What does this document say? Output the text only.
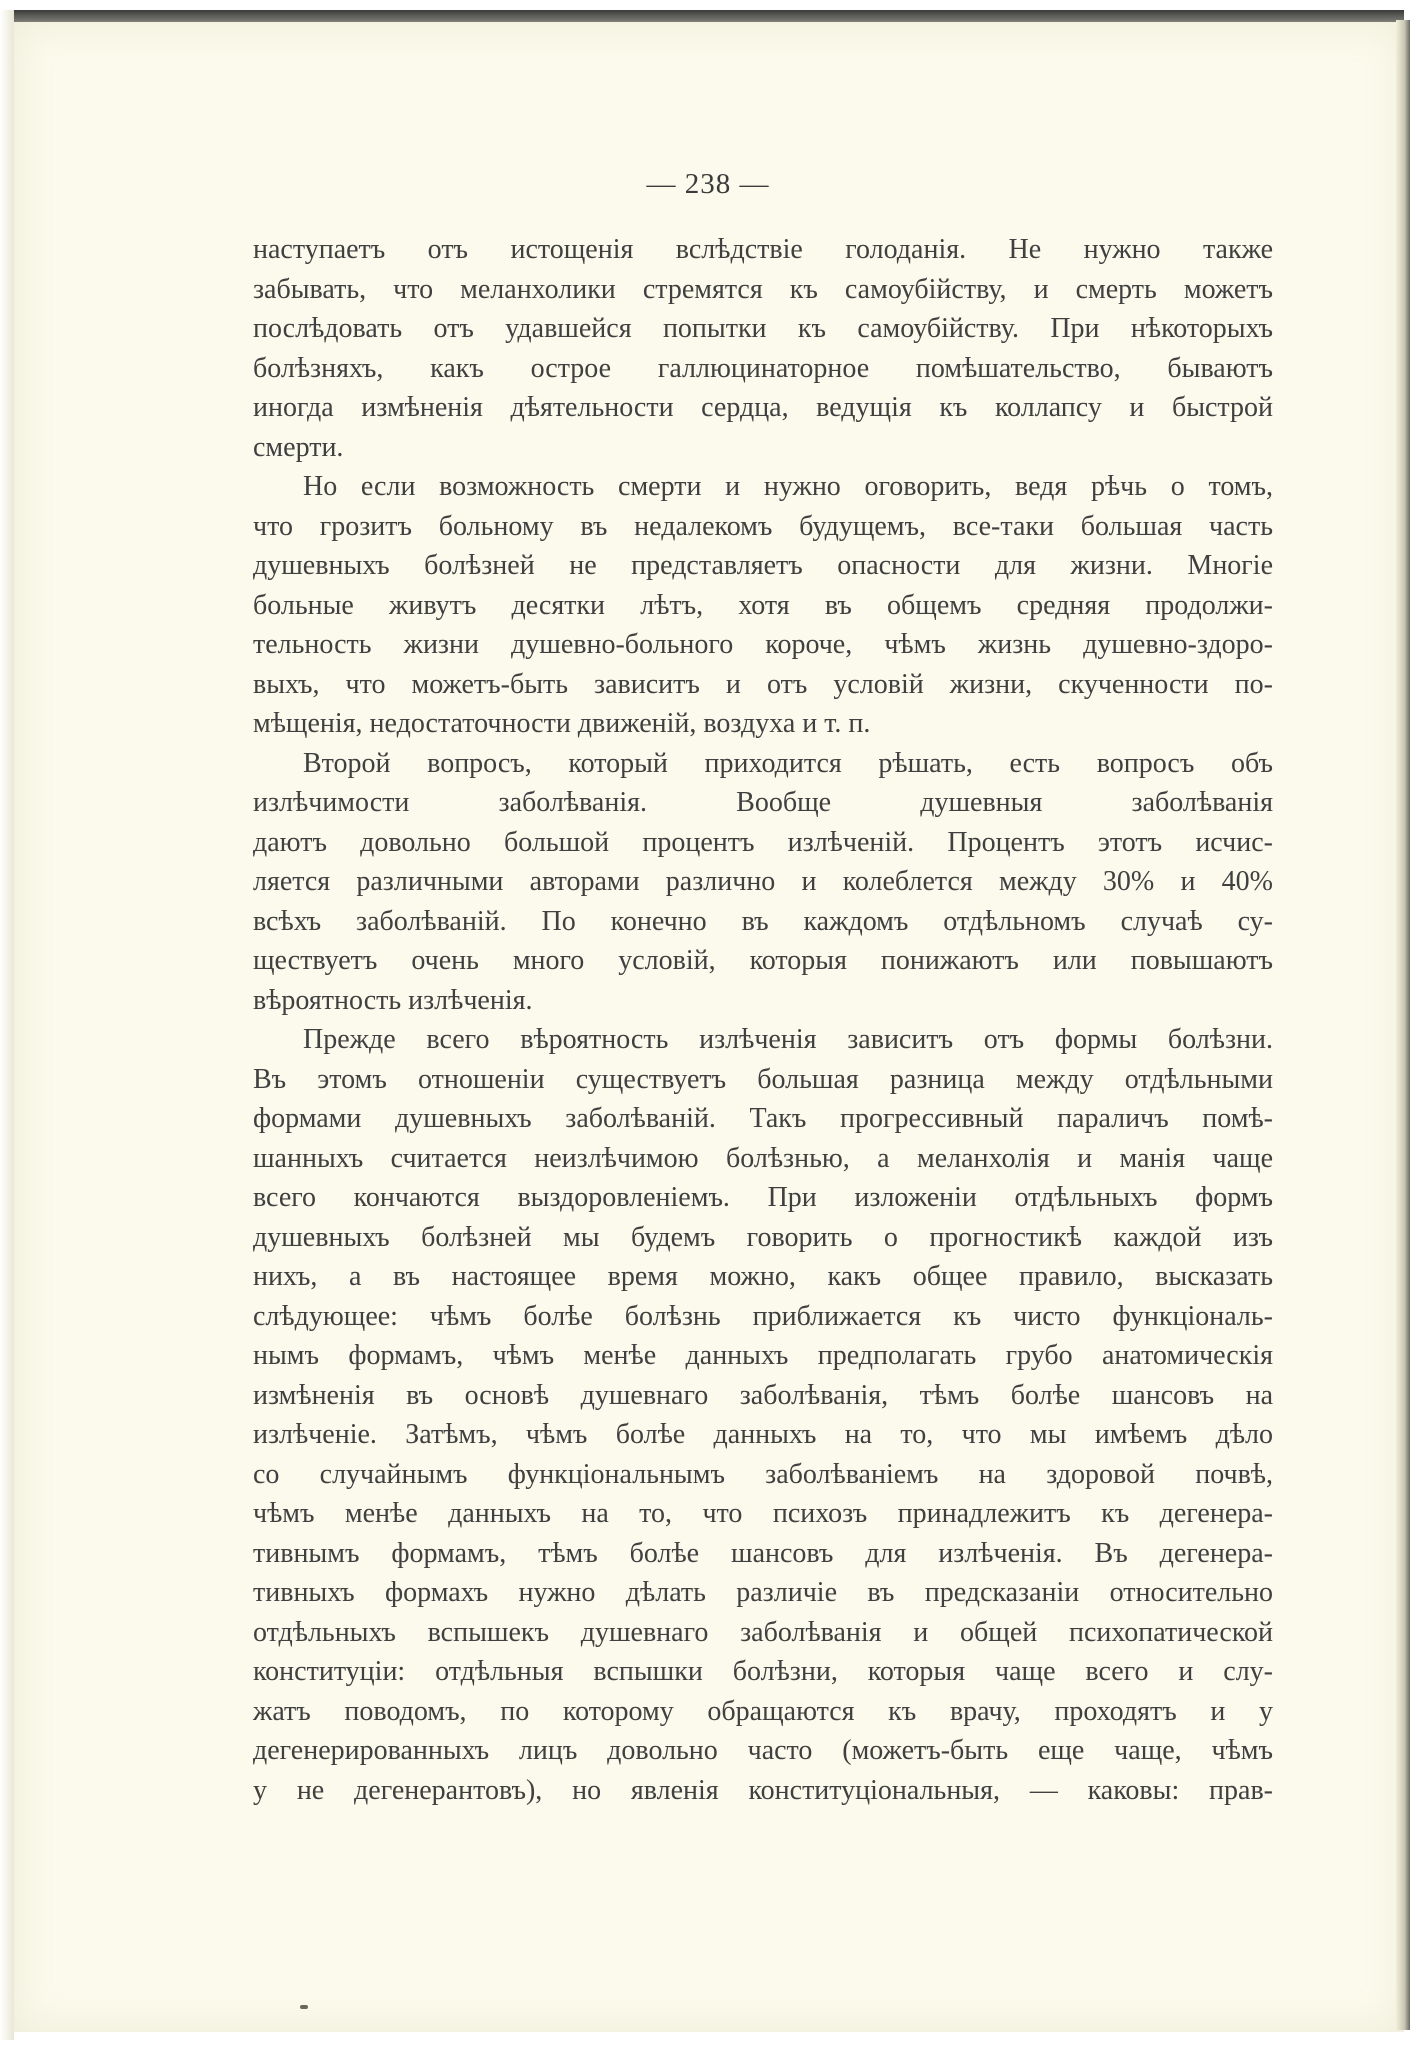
— 238 —
наступаетъ отъ истощенія вслѣдствіе голоданія. Не нужно также
забывать, что меланхолики стремятся къ самоубійству, и смерть можетъ
послѣдовать отъ удавшейся попытки къ самоубійству. При нѣкоторыхъ
болѣзняхъ, какъ острое галлюцинаторное помѣшательство, бываютъ
иногда измѣненія дѣятельности сердца, ведущія къ коллапсу и быстрой
смерти.
Но если возможность смерти и нужно оговорить, ведя рѣчь о томъ,
что грозитъ больному въ недалекомъ будущемъ, все-таки большая часть
душевныхъ болѣзней не представляетъ опасности для жизни. Многіе
больные живутъ десятки лѣтъ, хотя въ общемъ средняя продолжи-
тельность жизни душевно-больного короче, чѣмъ жизнь душевно-здоро-
выхъ, что можетъ-быть зависитъ и отъ условій жизни, скученности по-
мѣщенія, недостаточности движеній, воздуха и т. п.
Второй вопросъ, который приходится рѣшать, есть вопросъ объ
излѣчимости заболѣванія. Вообще душевныя заболѣванія
даютъ довольно большой процентъ излѣченій. Процентъ этотъ исчис-
ляется различными авторами различно и колеблется между 30% и 40%
всѣхъ заболѣваній. По конечно въ каждомъ отдѣльномъ случаѣ су-
ществуетъ очень много условій, которыя понижаютъ или повышаютъ
вѣроятность излѣченія.
Прежде всего вѣроятность излѣченія зависитъ отъ формы болѣзни.
Въ этомъ отношеніи существуетъ большая разница между отдѣльными
формами душевныхъ заболѣваній. Такъ прогрессивный параличъ помѣ-
шанныхъ считается неизлѣчимою болѣзнью, а меланхолія и манія чаще
всего кончаются выздоровленіемъ. При изложеніи отдѣльныхъ формъ
душевныхъ болѣзней мы будемъ говорить о прогностикѣ каждой изъ
нихъ, а въ настоящее время можно, какъ общее правило, высказать
слѣдующее: чѣмъ болѣе болѣзнь приближается къ чисто функціональ-
нымъ формамъ, чѣмъ менѣе данныхъ предполагать грубо анатомическія
измѣненія въ основѣ душевнаго заболѣванія, тѣмъ болѣе шансовъ на
излѣченіе. Затѣмъ, чѣмъ болѣе данныхъ на то, что мы имѣемъ дѣло
со случайнымъ функціональнымъ заболѣваніемъ на здоровой почвѣ,
чѣмъ менѣе данныхъ на то, что психозъ принадлежитъ къ дегенера-
тивнымъ формамъ, тѣмъ болѣе шансовъ для излѣченія. Въ дегенера-
тивныхъ формахъ нужно дѣлать различіе въ предсказаніи относительно
отдѣльныхъ вспышекъ душевнаго заболѣванія и общей психопатической
конституціи: отдѣльныя вспышки болѣзни, которыя чаще всего и слу-
жатъ поводомъ, по которому обращаются къ врачу, проходятъ и у
дегенерированныхъ лицъ довольно часто (можетъ-быть еще чаще, чѣмъ
у не дегенерантовъ), но явленія конституціональныя, — каковы: прав-
